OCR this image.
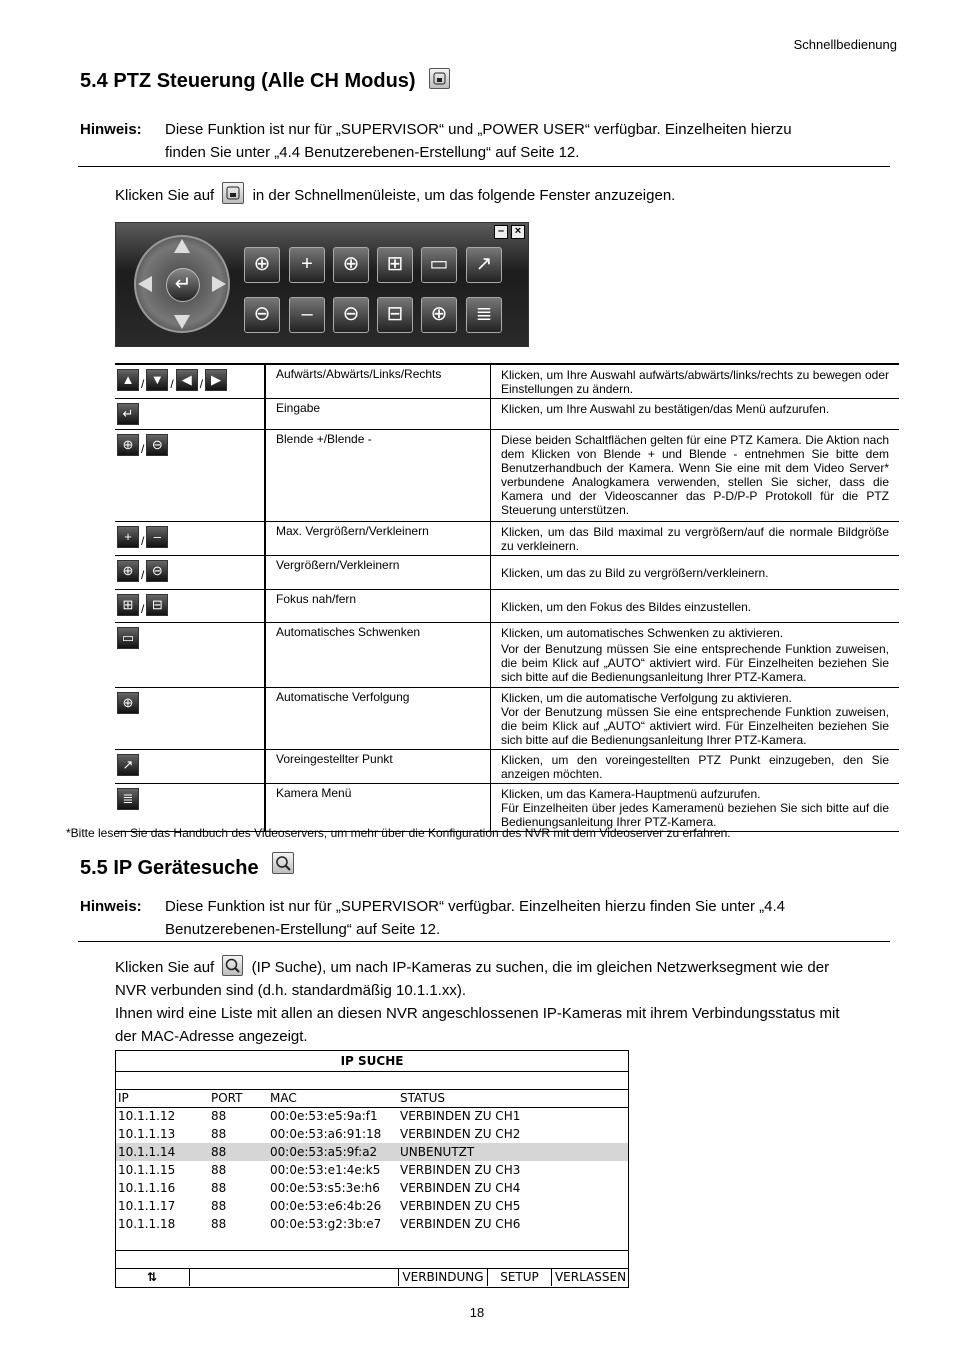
Schnellbedienung
5.4 PTZ Steuerung (Alle CH Modus)
Hinweis: Diese Funktion ist nur für „SUPERVISOR“ und „POWER USER“ verfügbar. Einzelheiten hierzu
finden Sie unter „4.4 Benutzerebenen-Erstellung“ auf Seite 12.
Klicken Sie auf	in der Schnellmenüleiste, um das folgende Fenster anzuzeigen.
– ×
↵
⊕	+	⊕	⊞	▭	↗
⊖	–	⊖	⊟	⊕	≣
▲ / ▼ / ◀ / ▶	Aufwärts/Abwärts/Links/Rechts	Klicken, um Ihre Auswahl aufwärts/abwärts/links/rechts zu bewegen oder Einstellungen zu ändern.
↵	Eingabe	Klicken, um Ihre Auswahl zu bestätigen/das Menü aufzurufen.
⊕ / ⊖	Blende +/Blende -	Diese beiden Schaltflächen gelten für eine PTZ Kamera. Die Aktion nach dem Klicken von Blende + und Blende - entnehmen Sie bitte dem Benutzerhandbuch der Kamera. Wenn Sie eine mit dem Video Server* verbundene Analogkamera verwenden, stellen Sie sicher, dass die Kamera und der Videoscanner das P-D/P-P Protokoll für die PTZ Steuerung unterstützen.
+ / –	Max. Vergrößern/Verkleinern	Klicken, um das Bild maximal zu vergrößern/auf die normale Bildgröße zu verkleinern.
⊕ / ⊖	Vergrößern/Verkleinern	Klicken, um das zu Bild zu vergrößern/verkleinern.
⊞ / ⊟	Fokus nah/fern	Klicken, um den Fokus des Bildes einzustellen.
▭	Automatisches Schwenken	Klicken, um automatisches Schwenken zu aktivieren.
Vor der Benutzung müssen Sie eine entsprechende Funktion zuweisen, die beim Klick auf „AUTO“ aktiviert wird. Für Einzelheiten beziehen Sie sich bitte auf die Bedienungsanleitung Ihrer PTZ-Kamera.

⊕	Automatische Verfolgung	Klicken, um die automatische Verfolgung zu aktivieren.
Vor der Benutzung müssen Sie eine entsprechende Funktion zuweisen, die beim Klick auf „AUTO“ aktiviert wird. Für Einzelheiten beziehen Sie sich bitte auf die Bedienungsanleitung Ihrer PTZ-Kamera.

↗	Voreingestellter Punkt	Klicken, um den voreingestellten PTZ Punkt einzugeben, den Sie anzeigen möchten.
≣	Kamera Menü	Klicken, um das Kamera-Hauptmenü aufzurufen.
Für Einzelheiten über jedes Kameramenü beziehen Sie sich bitte auf die Bedienungsanleitung Ihrer PTZ-Kamera.
*Bitte lesen Sie das Handbuch des Videoservers, um mehr über die Konfiguration des NVR mit dem Videoserver zu erfahren.
5.5 IP Gerätesuche
Hinweis: Diese Funktion ist nur für „SUPERVISOR“ verfügbar. Einzelheiten hierzu finden Sie unter „4.4
Benutzerebenen-Erstellung“ auf Seite 12.
Klicken Sie auf (IP Suche), um nach IP-Kameras zu suchen, die im gleichen Netzwerksegment wie der
NVR verbunden sind (d.h. standardmäßig 10.1.1.xx).
Ihnen wird eine Liste mit allen an diesen NVR angeschlossenen IP-Kameras mit ihrem Verbindungsstatus mit
der MAC-Adresse angezeigt.
IP SUCHE
IP	PORT MAC	STATUS
10.1.1.12	88	00:0e:53:e5:9a:f1 VERBINDEN ZU CH1
10.1.1.13	88	00:0e:53:a6:91:18 VERBINDEN ZU CH2
10.1.1.14	88	00:0e:53:a5:9f:a2 UNBENUTZT
10.1.1.15	88	00:0e:53:e1:4e:k5 VERBINDEN ZU CH3
10.1.1.16	88	00:0e:53:s5:3e:h6 VERBINDEN ZU CH4
10.1.1.17	88	00:0e:53:e6:4b:26 VERBINDEN ZU CH5
10.1.1.18	88	00:0e:53:g2:3b:e7 VERBINDEN ZU CH6
⇅	VERBINDUNG	SETUP	VERLASSEN
18
